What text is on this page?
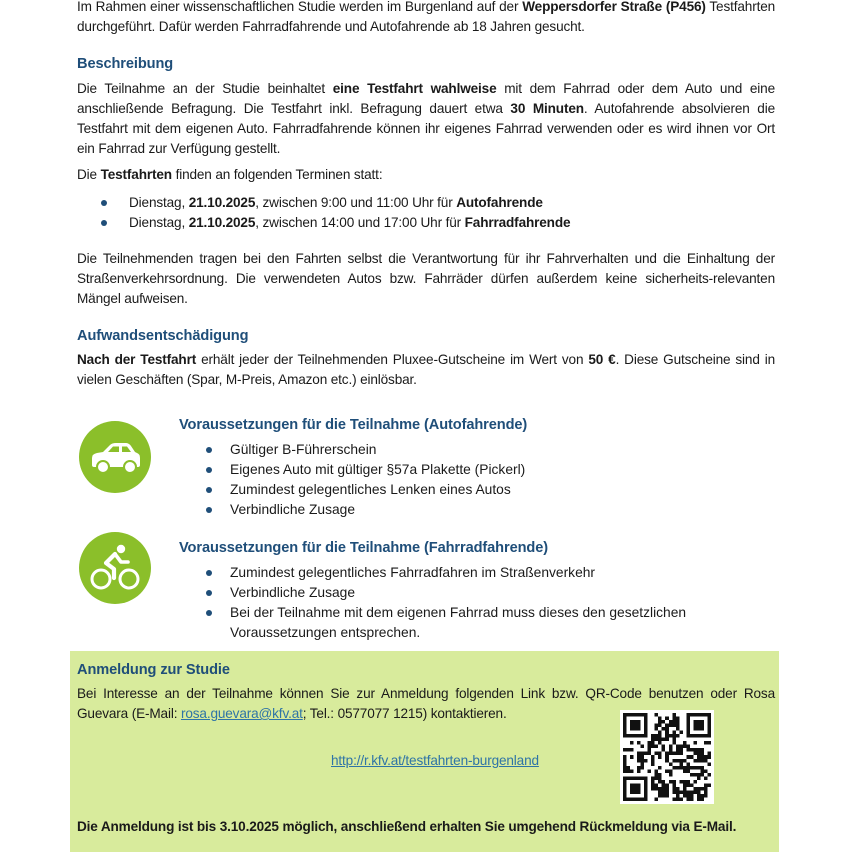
Im Rahmen einer wissenschaftlichen Studie werden im Burgenland auf der Weppersdorfer Straße (P456) Testfahrten durchgeführt. Dafür werden Fahrradfahrende und Autofahrende ab 18 Jahren gesucht.

Beschreibung

Die Teilnahme an der Studie beinhaltet eine Testfahrt wahlweise mit dem Fahrrad oder dem Auto und eine anschließende Befragung. Die Testfahrt inkl. Befragung dauert etwa 30 Minuten. Autofahrende absolvieren die Testfahrt mit dem eigenen Auto. Fahrradfahrende können ihr eigenes Fahrrad verwenden oder es wird ihnen vor Ort ein Fahrrad zur Verfügung gestellt.

Die Testfahrten finden an folgenden Terminen statt:

Dienstag, 21.10.2025, zwischen 9:00 und 11:00 Uhr für Autofahrende
Dienstag, 21.10.2025, zwischen 14:00 und 17:00 Uhr für Fahrradfahrende

Die Teilnehmenden tragen bei den Fahrten selbst die Verantwortung für ihr Fahrverhalten und die Einhaltung der Straßenverkehrsordnung. Die verwendeten Autos bzw. Fahrräder dürfen außerdem keine sicherheits-relevanten Mängel aufweisen.

Aufwandsentschädigung

Nach der Testfahrt erhält jeder der Teilnehmenden Pluxee-Gutscheine im Wert von 50 €. Diese Gutscheine sind in vielen Geschäften (Spar, M-Preis, Amazon etc.) einlösbar.

Voraussetzungen für die Teilnahme (Autofahrende)
Gültiger B-Führerschein
Eigenes Auto mit gültiger §57a Plakette (Pickerl)
Zumindest gelegentliches Lenken eines Autos
Verbindliche Zusage
Voraussetzungen für die Teilnahme (Fahrradfahrende)
Zumindest gelegentliches Fahrradfahren im Straßenverkehr
Verbindliche Zusage
Bei der Teilnahme mit dem eigenen Fahrrad muss dieses den gesetzlichen
Voraussetzungen entsprechen.
Anmeldung zur Studie

Bei Interesse an der Teilnahme können Sie zur Anmeldung folgenden Link bzw. QR-Code benutzen oder Rosa Guevara (E-Mail: rosa.guevara@kfv.at; Tel.: 0577077 1215) kontaktieren.

http://r.kfv.at/testfahrten-burgenland

Die Anmeldung ist bis 3.10.2025 möglich, anschließend erhalten Sie umgehend Rückmeldung via E-Mail.
